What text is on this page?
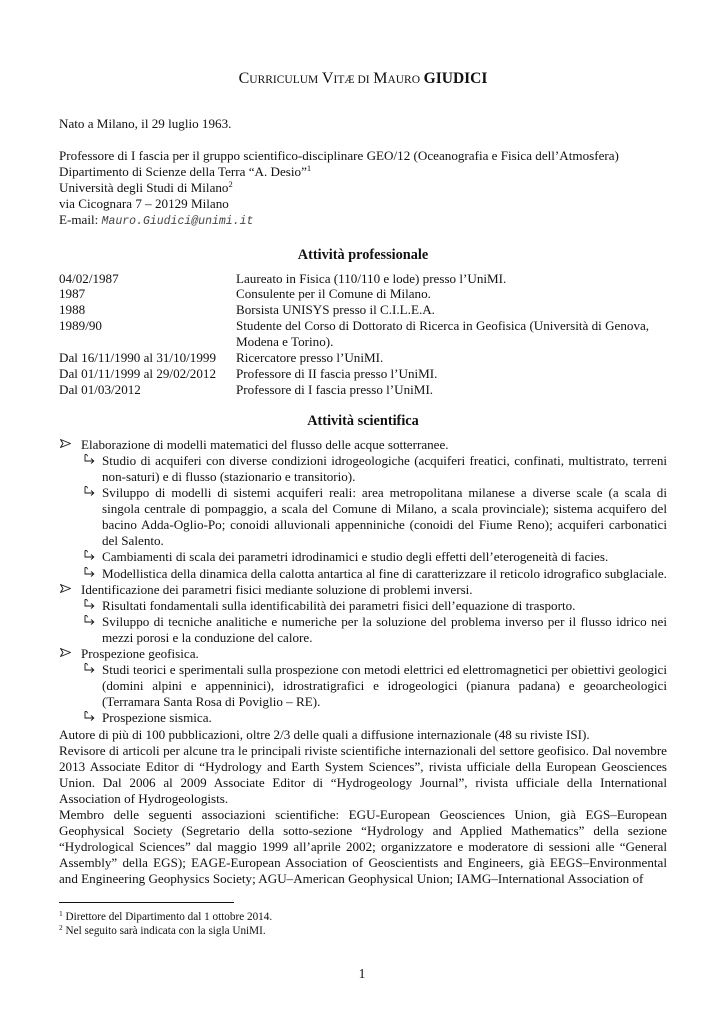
CURRICULUM VITÆ DI MAURO GIUDICI

Nato a Milano, il 29 luglio 1963.

Professore di I fascia per il gruppo scientifico-disciplinare GEO/12 (Oceanografia e Fisica dell’Atmosfera)

Dipartimento di Scienze della Terra “A. Desio”$^1$

Università degli Studi di Milano$^2$

via Cicognara 7 – 20129 Milano

E-mail: Mauro.Giudici@unimi.it

Attività professionale
04/02/1987	Laureato in Fisica (110/110 e lode) presso l’UniMI.
1987	Consulente per il Comune di Milano.
1988	Borsista UNISYS presso il C.I.L.E.A.
1989/90	Studente del Corso di Dottorato di Ricerca in Geofisica (Università di Genova, Modena e Torino).
Dal 16/11/1990 al 31/10/1999	Ricercatore presso l’UniMI.
Dal 01/11/1999 al 29/02/2012	Professore di II fascia presso l’UniMI.
Dal 01/03/2012	Professore di I fascia presso l’UniMI.
Attività scientifica
Elaborazione di modelli matematici del flusso delle acque sotterranee.
Studio di acquiferi con diverse condizioni idrogeologiche (acquiferi freatici, confinati, multistrato, terreni non-saturi) e di flusso (stazionario e transitorio).
Sviluppo di modelli di sistemi acquiferi reali: area metropolitana milanese a diverse scale (a scala di singola centrale di pompaggio, a scala del Comune di Milano, a scala provinciale); sistema acquifero del bacino Adda-Oglio-Po; conoidi alluvionali appenniniche (conoidi del Fiume Reno); acquiferi carbonatici del Salento.
Cambiamenti di scala dei parametri idrodinamici e studio degli effetti dell’eterogeneità di facies.
Modellistica della dinamica della calotta antartica al fine di caratterizzare il reticolo idrografico subglaciale.
Identificazione dei parametri fisici mediante soluzione di problemi inversi.
Risultati fondamentali sulla identificabilità dei parametri fisici dell’equazione di trasporto.
Sviluppo di tecniche analitiche e numeriche per la soluzione del problema inverso per il flusso idrico nei mezzi porosi e la conduzione del calore.
Prospezione geofisica.
Studi teorici e sperimentali sulla prospezione con metodi elettrici ed elettromagnetici per obiettivi geologici (domini alpini e appenninici), idrostratigrafici e idrogeologici (pianura padana) e geoarcheologici (Terramara Santa Rosa di Poviglio – RE).
Prospezione sismica.

Autore di più di 100 pubblicazioni, oltre 2/3 delle quali a diffusione internazionale (48 su riviste ISI).

Revisore di articoli per alcune tra le principali riviste scientifiche internazionali del settore geofisico. Dal novembre 2013 Associate Editor di “Hydrology and Earth System Sciences”, rivista ufficiale della European Geosciences Union. Dal 2006 al 2009 Associate Editor di “Hydrogeology Journal”, rivista ufficiale della International Association of Hydrogeologists.

Membro delle seguenti associazioni scientifiche: EGU-European Geosciences Union, già EGS–European Geophysical Society (Segretario della sotto-sezione “Hydrology and Applied Mathematics” della sezione “Hydrological Sciences” dal maggio 1999 all’aprile 2002; organizzatore e moderatore di sessioni alle “General Assembly” della EGS); EAGE-European Association of Geoscientists and Engineers, già EEGS–Environmental and Engineering Geophysics Society; AGU–American Geophysical Union; IAMG–International Association of

$^1$ Direttore del Dipartimento dal 1 ottobre 2014.

$^2$ Nel seguito sarà indicata con la sigla UniMI.

1
